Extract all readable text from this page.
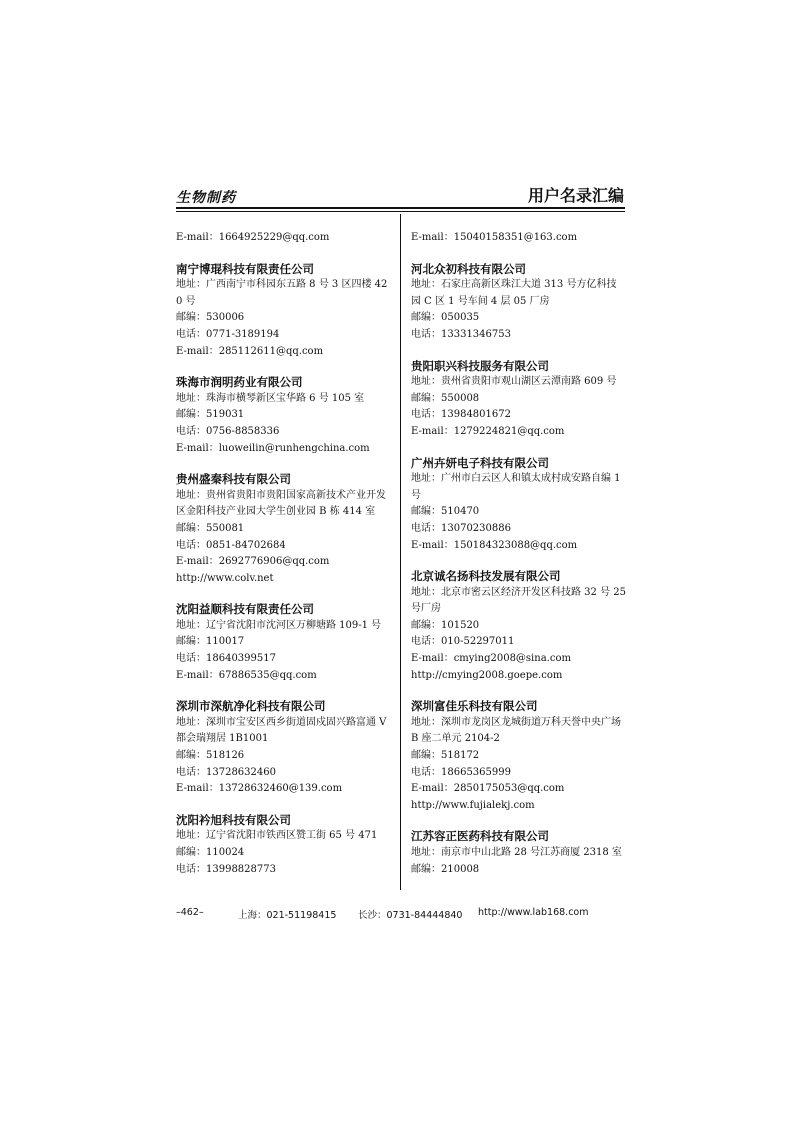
生物制药	用户名录汇编
E-mail：1664925229@qq.com
南宁博琨科技有限责任公司
地址：广西南宁市科园东五路 8 号 3 区四楼 420 号
邮编：530006
电话：0771-3189194
E-mail：285112611@qq.com
珠海市润明药业有限公司
地址：珠海市横琴新区宝华路 6 号 105 室
邮编：519031
电话：0756-8858336
E-mail：luoweilin@runhengchina.com
贵州盛秦科技有限公司
地址：贵州省贵阳市贵阳国家高新技术产业开发区金阳科技产业园大学生创业园 B 栋 414 室
邮编：550081
电话：0851-84702684
E-mail：2692776906@qq.com
http://www.colv.net
沈阳益顺科技有限责任公司
地址：辽宁省沈阳市沈河区万柳塘路 109-1 号
邮编：110017
电话：18640399517
E-mail：67886535@qq.com
深圳市深航净化科技有限公司
地址：深圳市宝安区西乡街道固戍固兴路富通 V 都会瑞翔居 1B1001
邮编：518126
电话：13728632460
E-mail：13728632460@139.com
沈阳衿旭科技有限公司
地址：辽宁省沈阳市铁西区赞工街 65 号 471
邮编：110024
电话：13998828773
E-mail：15040158351@163.com
河北众初科技有限公司
地址：石家庄高新区珠江大道 313 号方亿科技园 C 区 1 号车间 4 层 05 厂房
邮编：050035
电话：13331346753
贵阳职兴科技服务有限公司
地址：贵州省贵阳市观山湖区云潭南路 609 号
邮编：550008
电话：13984801672
E-mail：1279224821@qq.com
广州卉妍电子科技有限公司
地址：广州市白云区人和镇太成村成安路自编 1 号
邮编：510470
电话：13070230886
E-mail：150184323088@qq.com
北京诚名扬科技发展有限公司
地址：北京市密云区经济开发区科技路 32 号 25 号厂房
邮编：101520
电话：010-52297011
E-mail：cmying2008@sina.com
http://cmying2008.goepe.com
深圳富佳乐科技有限公司
地址：深圳市龙岗区龙城街道万科天誉中央广场 B 座二单元 2104-2
邮编：518172
电话：18665365999
E-mail：2850175053@qq.com
http://www.fujialekj.com
江苏容正医药科技有限公司
地址：南京市中山北路 28 号江苏商厦 2318 室
邮编：210008
–462–	上海：021-51198415 长沙：0731-84444840 http://www.lab168.com
